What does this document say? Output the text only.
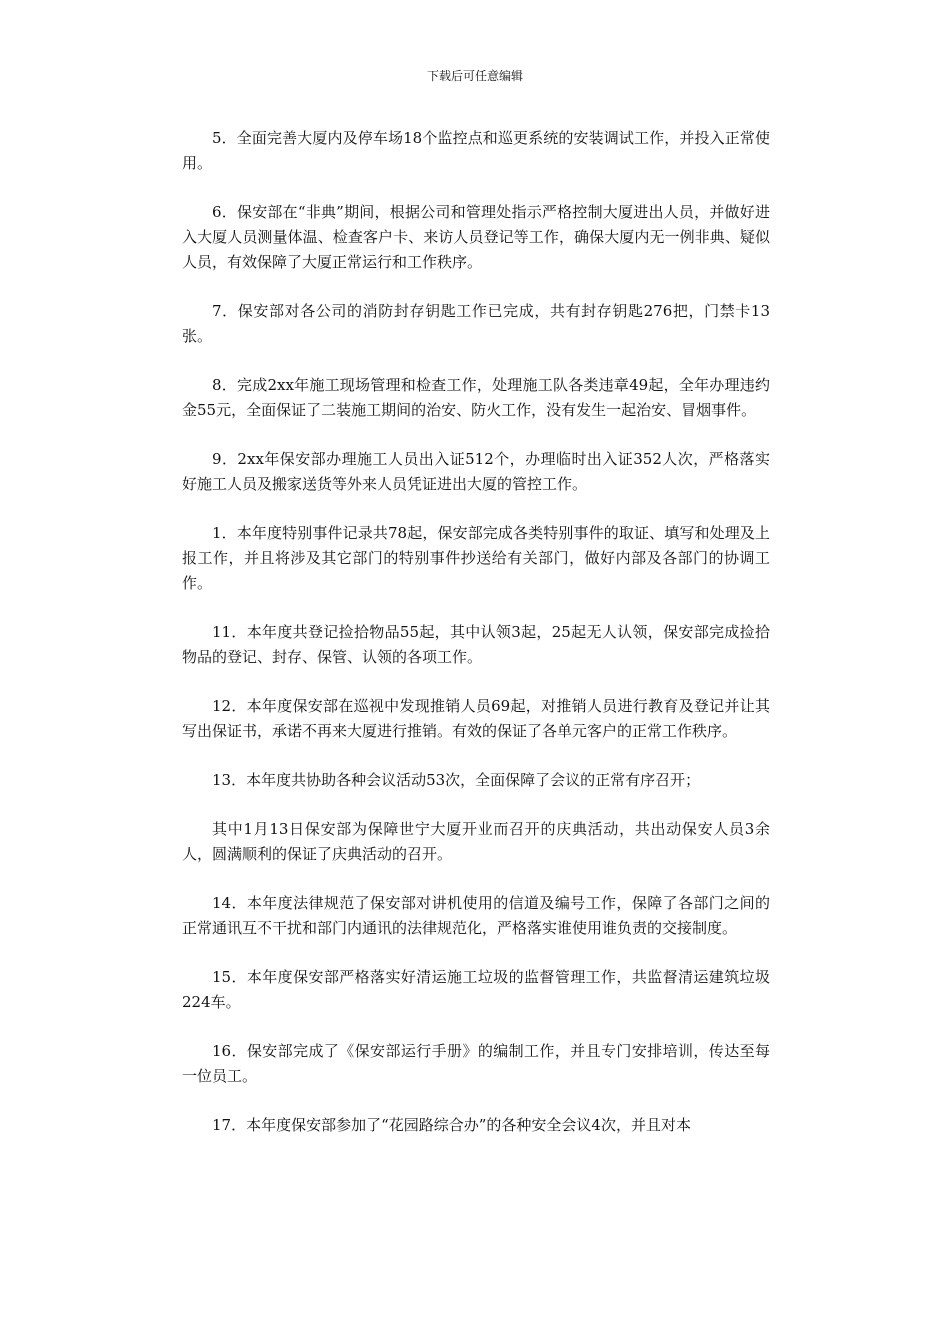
下载后可任意编辑

5．全面完善大厦内及停车场18个监控点和巡更系统的安装调试工作，并投入正常使用。

6．保安部在“非典”期间，根据公司和管理处指示严格控制大厦进出人员，并做好进入大厦人员测量体温、检查客户卡、来访人员登记等工作，确保大厦内无一例非典、疑似人员，有效保障了大厦正常运行和工作秩序。

7．保安部对各公司的消防封存钥匙工作已完成，共有封存钥匙276把，门禁卡13张。

8．完成2xx年施工现场管理和检查工作，处理施工队各类违章49起，全年办理违约金55元，全面保证了二装施工期间的治安、防火工作，没有发生一起治安、冒烟事件。

9．2xx年保安部办理施工人员出入证512个，办理临时出入证352人次，严格落实好施工人员及搬家送货等外来人员凭证进出大厦的管控工作。

1．本年度特别事件记录共78起，保安部完成各类特别事件的取证、填写和处理及上报工作，并且将涉及其它部门的特别事件抄送给有关部门，做好内部及各部门的协调工作。

11．本年度共登记捡拾物品55起，其中认领3起，25起无人认领，保安部完成捡拾物品的登记、封存、保管、认领的各项工作。

12．本年度保安部在巡视中发现推销人员69起，对推销人员进行教育及登记并让其写出保证书，承诺不再来大厦进行推销。有效的保证了各单元客户的正常工作秩序。

13．本年度共协助各种会议活动53次，全面保障了会议的正常有序召开；

其中1月13日保安部为保障世宁大厦开业而召开的庆典活动，共出动保安人员3余人，圆满顺利的保证了庆典活动的召开。

14．本年度法律规范了保安部对讲机使用的信道及编号工作，保障了各部门之间的正常通讯互不干扰和部门内通讯的法律规范化，严格落实谁使用谁负责的交接制度。

15．本年度保安部严格落实好清运施工垃圾的监督管理工作，共监督清运建筑垃圾224车。

16．保安部完成了《保安部运行手册》的编制工作，并且专门安排培训，传达至每一位员工。

17．本年度保安部参加了“花园路综合办”的各种安全会议4次，并且对本
